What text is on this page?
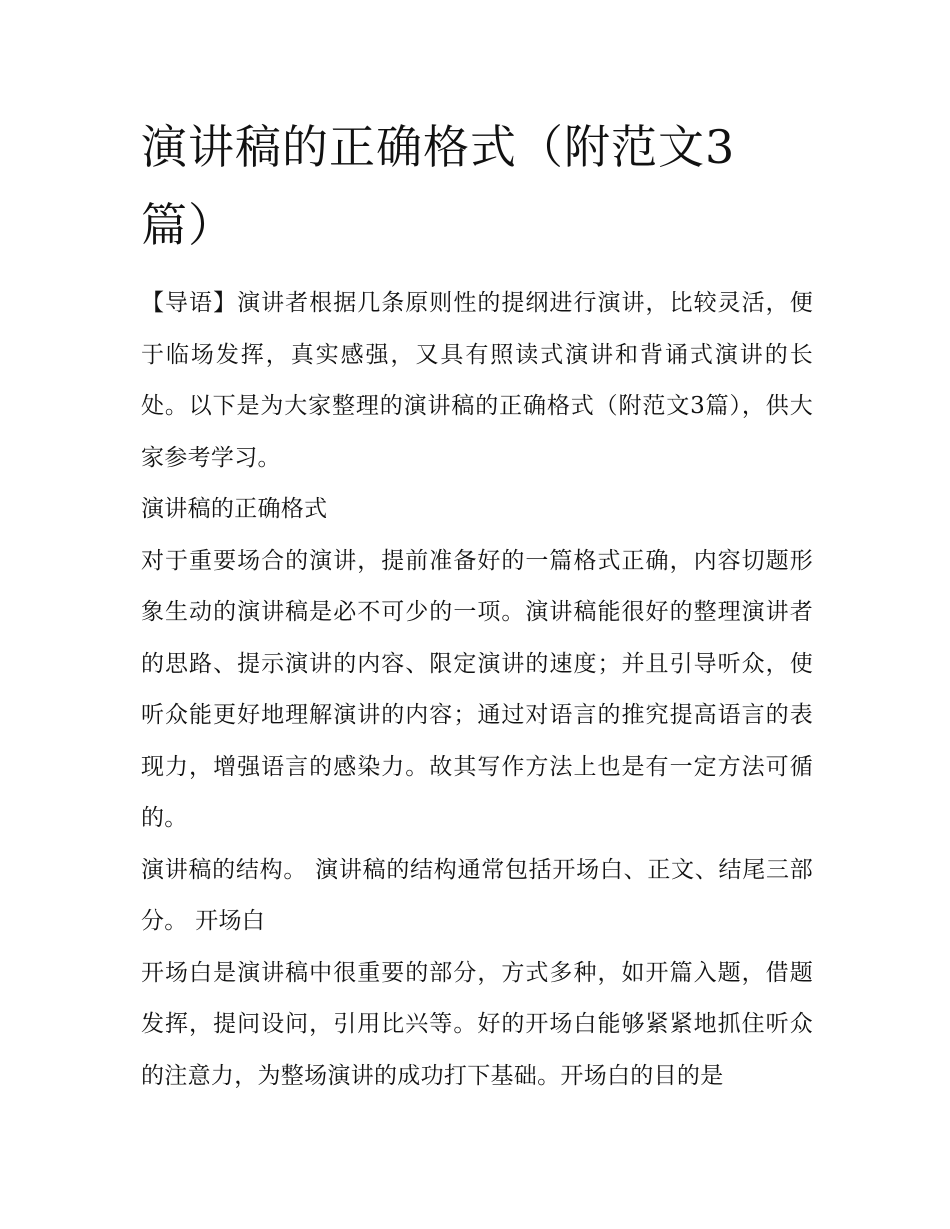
演讲稿的正确格式（附范文3篇）

【导语】演讲者根据几条原则性的提纲进行演讲，比较灵活，便于临场发挥，真实感强，又具有照读式演讲和背诵式演讲的长处。以下是为大家整理的演讲稿的正确格式（附范文3篇），供大家参考学习。

演讲稿的正确格式

对于重要场合的演讲，提前准备好的一篇格式正确，内容切题形象生动的演讲稿是必不可少的一项。演讲稿能很好的整理演讲者的思路、提示演讲的内容、限定演讲的速度；并且引导听众，使听众能更好地理解演讲的内容；通过对语言的推究提高语言的表现力，增强语言的感染力。故其写作方法上也是有一定方法可循的。

演讲稿的结构。 演讲稿的结构通常包括开场白、正文、结尾三部分。 开场白

开场白是演讲稿中很重要的部分，方式多种，如开篇入题，借题发挥，提问设问，引用比兴等。好的开场白能够紧紧地抓住听众的注意力，为整场演讲的成功打下基础。开场白的目的是
